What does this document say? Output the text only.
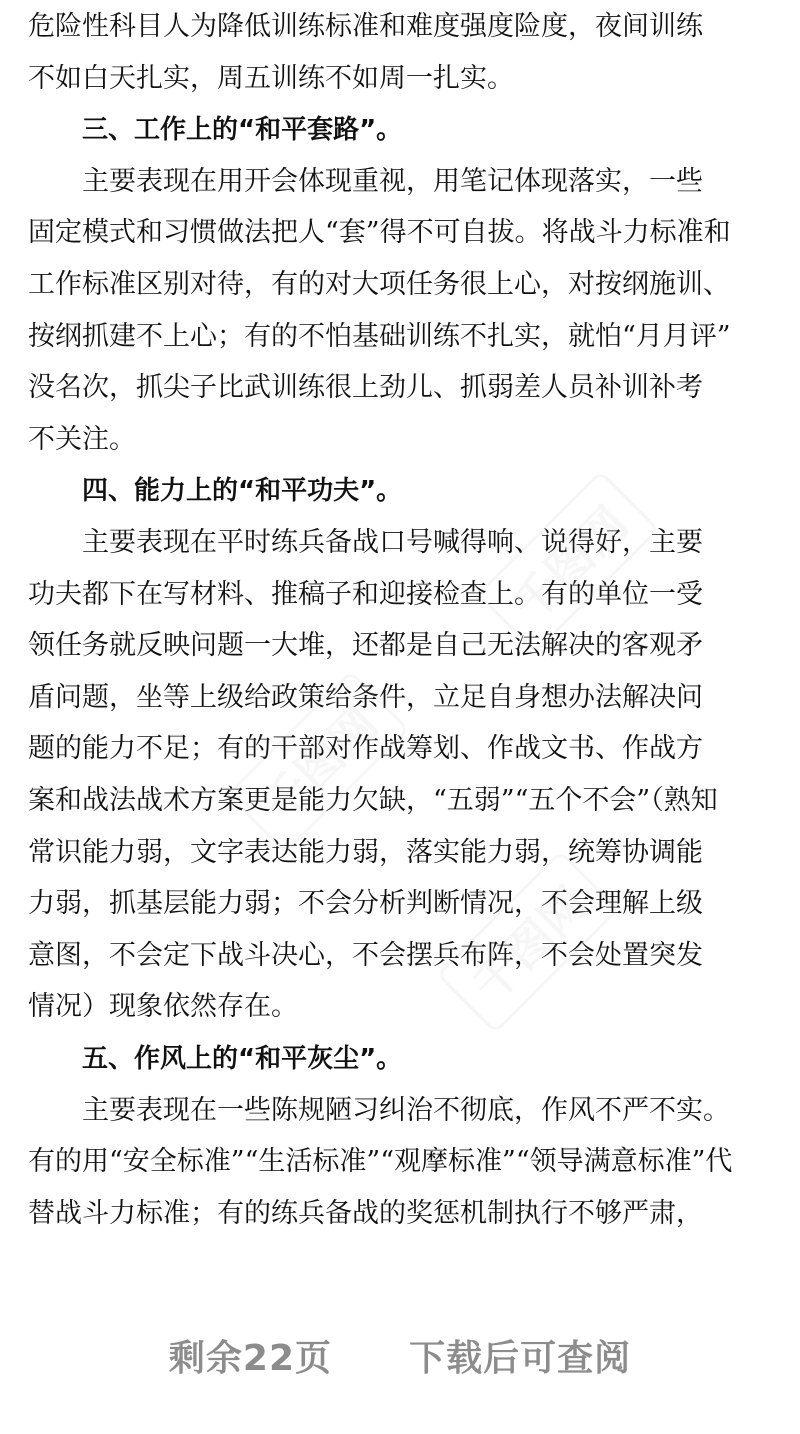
危险性科目人为降低训练标准和难度强度险度，夜间训练
不如白天扎实，周五训练不如周一扎实。
三、工作上的“和平套路”。
主要表现在用开会体现重视，用笔记体现落实，一些
固定模式和习惯做法把人“套”得不可自拔。将战斗力标准和
工作标准区别对待，有的对大项任务很上心，对按纲施训、
按纲抓建不上心；有的不怕基础训练不扎实，就怕“月月评”
没名次，抓尖子比武训练很上劲儿、抓弱差人员补训补考
不关注。
四、能力上的“和平功夫”。
主要表现在平时练兵备战口号喊得响、说得好，主要
功夫都下在写材料、推稿子和迎接检查上。有的单位一受
领任务就反映问题一大堆，还都是自己无法解决的客观矛
盾问题，坐等上级给政策给条件，立足自身想办法解决问
题的能力不足；有的干部对作战筹划、作战文书、作战方
案和战法战术方案更是能力欠缺，“五弱”“五个不会”（熟知
常识能力弱，文字表达能力弱，落实能力弱，统筹协调能
力弱，抓基层能力弱；不会分析判断情况，不会理解上级
意图，不会定下战斗决心，不会摆兵布阵，不会处置突发
情况）现象依然存在。
五、作风上的“和平灰尘”。
主要表现在一些陈规陋习纠治不彻底，作风不严不实。
有的用“安全标准”“生活标准”“观摩标准”“领导满意标准”代
替战斗力标准；有的练兵备战的奖惩机制执行不够严肃，
千图网
千图网
千图网
剩余22页 下载后可查阅
